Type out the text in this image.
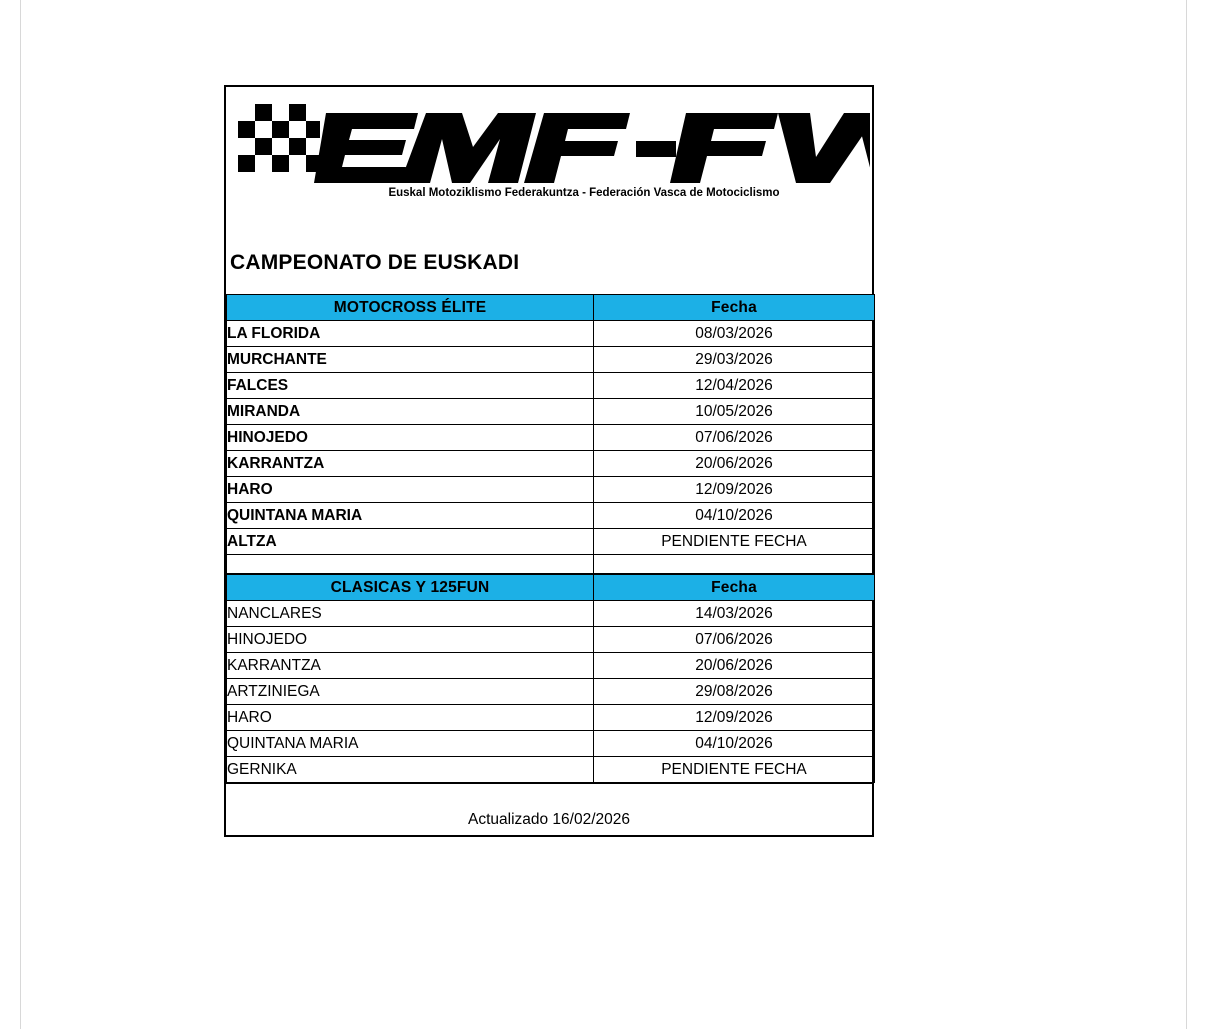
Euskal Motoziklismo Federakuntza - Federación Vasca de Motociclismo
CAMPEONATO DE EUSKADI
MOTOCROSS ÉLITE	Fecha
LA FLORIDA	08/03/2026
MURCHANTE	29/03/2026
FALCES	12/04/2026
MIRANDA	10/05/2026
HINOJEDO	07/06/2026
KARRANTZA	20/06/2026
HARO	12/09/2026
QUINTANA MARIA	04/10/2026
ALTZA	PENDIENTE FECHA

CLASICAS Y 125FUN	Fecha
NANCLARES	14/03/2026
HINOJEDO	07/06/2026
KARRANTZA	20/06/2026
ARTZINIEGA	29/08/2026
HARO	12/09/2026
QUINTANA MARIA	04/10/2026
GERNIKA	PENDIENTE FECHA
Actualizado 16/02/2026
